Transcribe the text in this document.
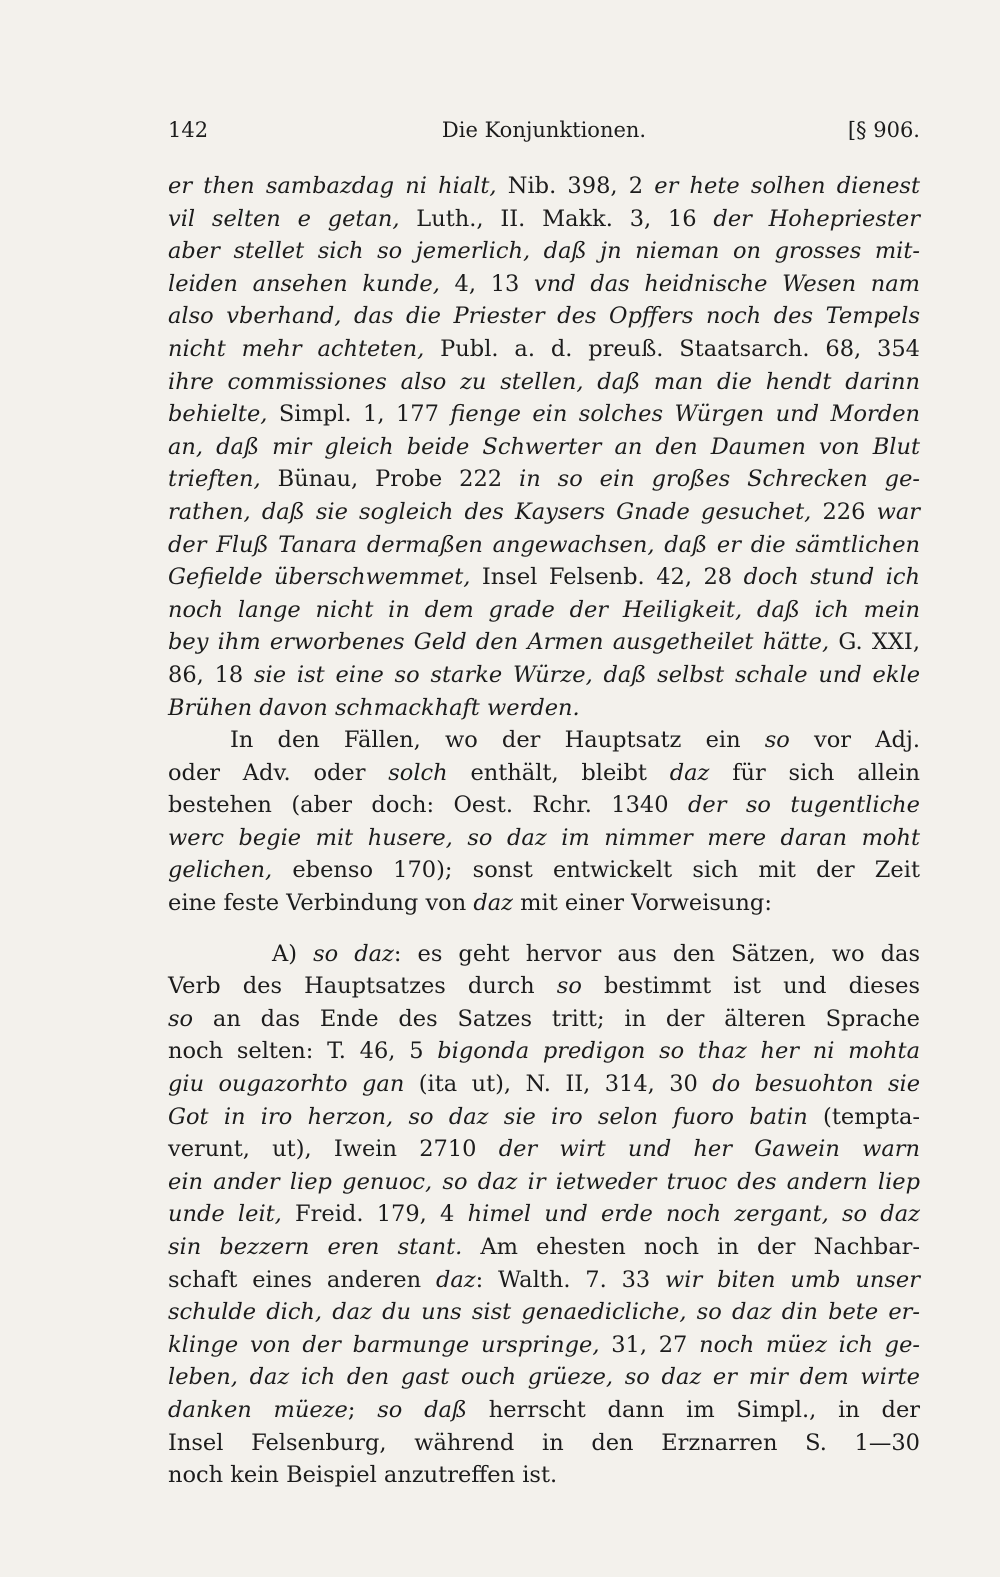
142	Die Konjunktionen.	[§ 906.
er then sambazdag ni hialt, Nib. 398, 2 er hete solhen dienest
vil selten e getan, Luth., II. Makk. 3, 16 der Hohepriester
aber stellet sich so jemerlich, daß jn nieman on grosses mit-
leiden ansehen kunde, 4, 13 vnd das heidnische Wesen nam
also vberhand, das die Priester des Opffers noch des Tempels
nicht mehr achteten, Publ. a. d. preuß. Staatsarch. 68, 354
ihre commissiones also zu stellen, daß man die hendt darinn
behielte, Simpl. 1, 177 fienge ein solches Würgen und Morden
an, daß mir gleich beide Schwerter an den Daumen von Blut
trieften, Bünau, Probe 222 in so ein großes Schrecken ge-
rathen, daß sie sogleich des Kaysers Gnade gesuchet, 226 war
der Fluß Tanara dermaßen angewachsen, daß er die sämtlichen
Gefielde überschwemmet, Insel Felsenb. 42, 28 doch stund ich
noch lange nicht in dem grade der Heiligkeit, daß ich mein
bey ihm erworbenes Geld den Armen ausgetheilet hätte, G. XXI,
86, 18 sie ist eine so starke Würze, daß selbst schale und ekle
Brühen davon schmackhaft werden.
In den Fällen, wo der Hauptsatz ein so vor Adj.
oder Adv. oder solch enthält, bleibt daz für sich allein
bestehen (aber doch: Oest. Rchr. 1340 der so tugentliche
werc begie mit husere, so daz im nimmer mere daran moht
gelichen, ebenso 170); sonst entwickelt sich mit der Zeit
eine feste Verbindung von daz mit einer Vorweisung:
A) so daz: es geht hervor aus den Sätzen, wo das
Verb des Hauptsatzes durch so bestimmt ist und dieses
so an das Ende des Satzes tritt; in der älteren Sprache
noch selten: T. 46, 5 bigonda predigon so thaz her ni mohta
giu ougazorhto gan (ita ut), N. II, 314, 30 do besuohton sie
Got in iro herzon, so daz sie iro selon fuoro batin (tempta-
verunt, ut), Iwein 2710 der wirt und her Gawein warn
ein ander liep genuoc, so daz ir ietweder truoc des andern liep
unde leit, Freid. 179, 4 himel und erde noch zergant, so daz
sin bezzern eren stant. Am ehesten noch in der Nachbar-
schaft eines anderen daz: Walth. 7. 33 wir biten umb unser
schulde dich, daz du uns sist genaedicliche, so daz din bete er-
klinge von der barmunge urspringe, 31, 27 noch müez ich ge-
leben, daz ich den gast ouch grüeze, so daz er mir dem wirte
danken müeze; so daß herrscht dann im Simpl., in der
Insel Felsenburg, während in den Erznarren S. 1—30
noch kein Beispiel anzutreffen ist.
